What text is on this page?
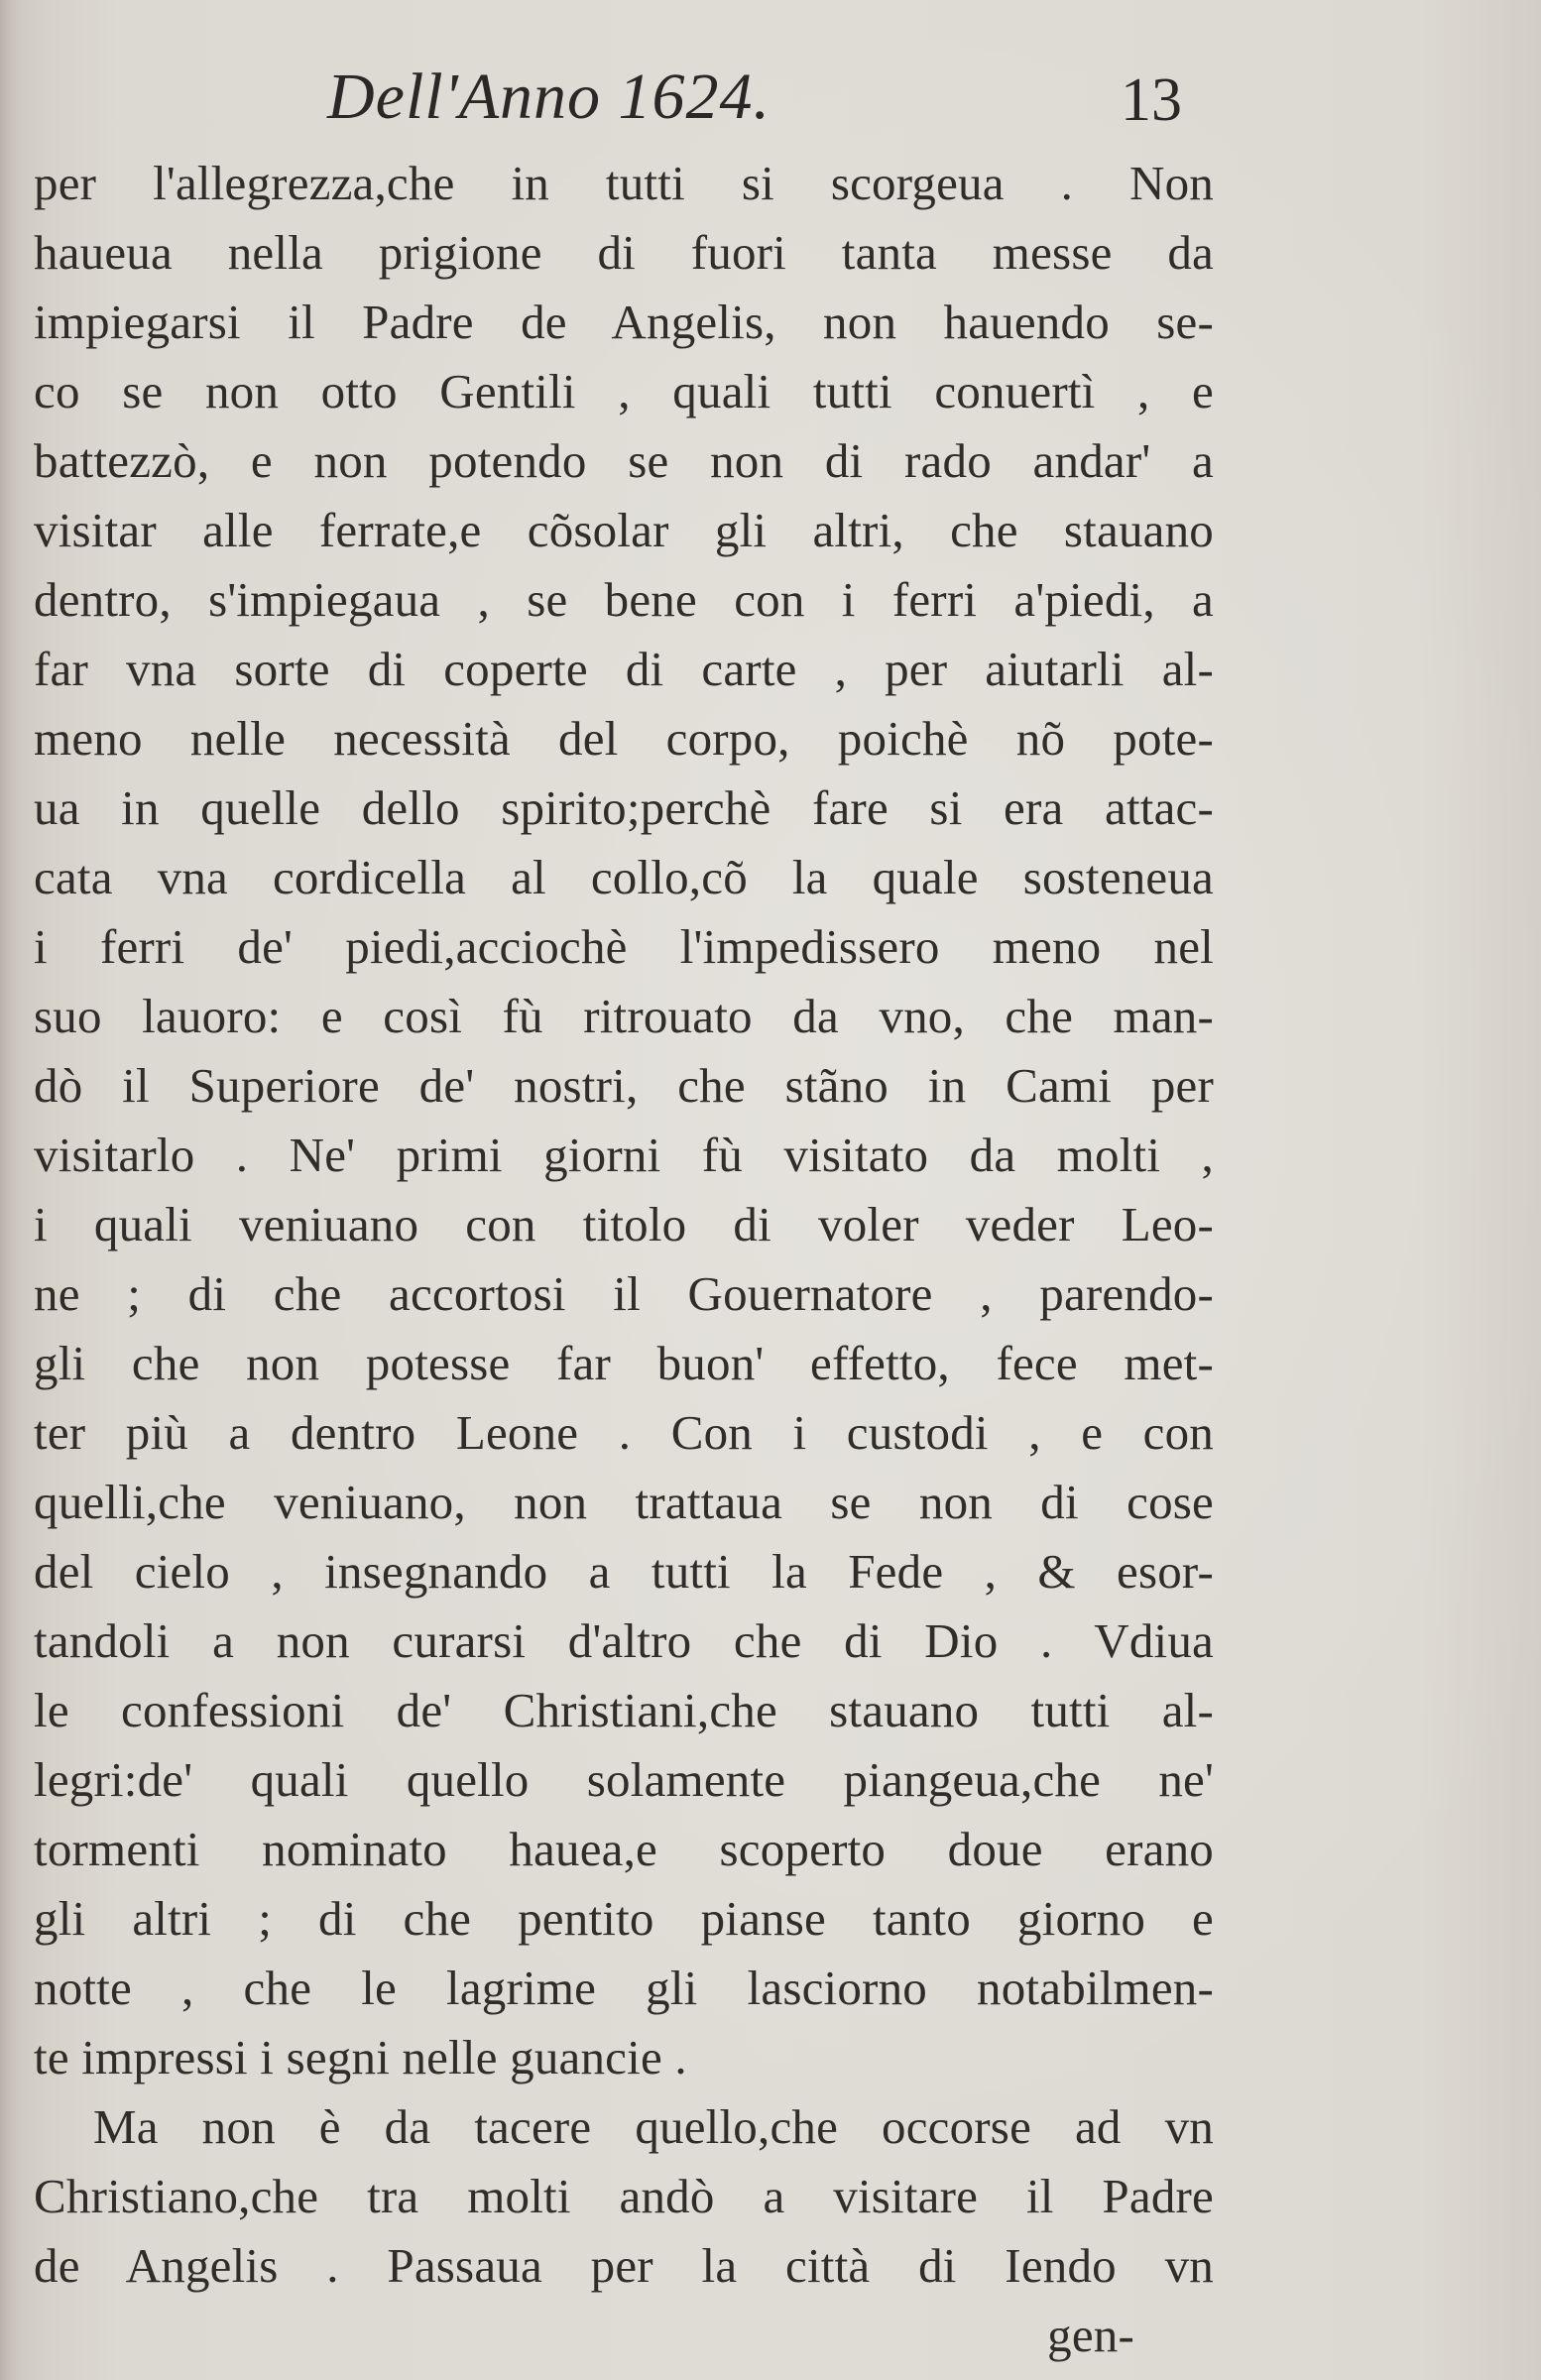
Dell'Anno 1624.	13
per l'allegrezza,che in tutti si scorgeua . Non
haueua nella prigione di fuori tanta messe da
impiegarsi il Padre de Angelis, non hauendo se-
co se non otto Gentili , quali tutti conuertì , e
battezzò, e non potendo se non di rado andar' a
visitar alle ferrate,e cõsolar gli altri, che stauano
dentro, s'impiegaua , se bene con i ferri a'piedi, a
far vna sorte di coperte di carte , per aiutarli al-
meno nelle necessità del corpo, poichè nõ pote-
ua in quelle dello spirito;perchè fare si era attac-
cata vna cordicella al collo,cõ la quale sosteneua
i ferri de' piedi,acciochè l'impedissero meno nel
suo lauoro: e così fù ritrouato da vno, che man-
dò il Superiore de' nostri, che stãno in Cami per
visitarlo . Ne' primi giorni fù visitato da molti ,
i quali veniuano con titolo di voler veder Leo-
ne ; di che accortosi il Gouernatore , parendo-
gli che non potesse far buon' effetto, fece met-
ter più a dentro Leone . Con i custodi , e con
quelli,che veniuano, non trattaua se non di cose
del cielo , insegnando a tutti la Fede , & esor-
tandoli a non curarsi d'altro che di Dio . Vdiua
le confessioni de' Christiani,che stauano tutti al-
legri:de' quali quello solamente piangeua,che ne'
tormenti nominato hauea,e scoperto doue erano
gli altri ; di che pentito pianse tanto giorno e
notte , che le lagrime gli lasciorno notabilmen-
te impressi i segni nelle guancie .
Ma non è da tacere quello,che occorse ad vn
Christiano,che tra molti andò a visitare il Padre
de Angelis . Passaua per la città di Iendo vn
gen-
